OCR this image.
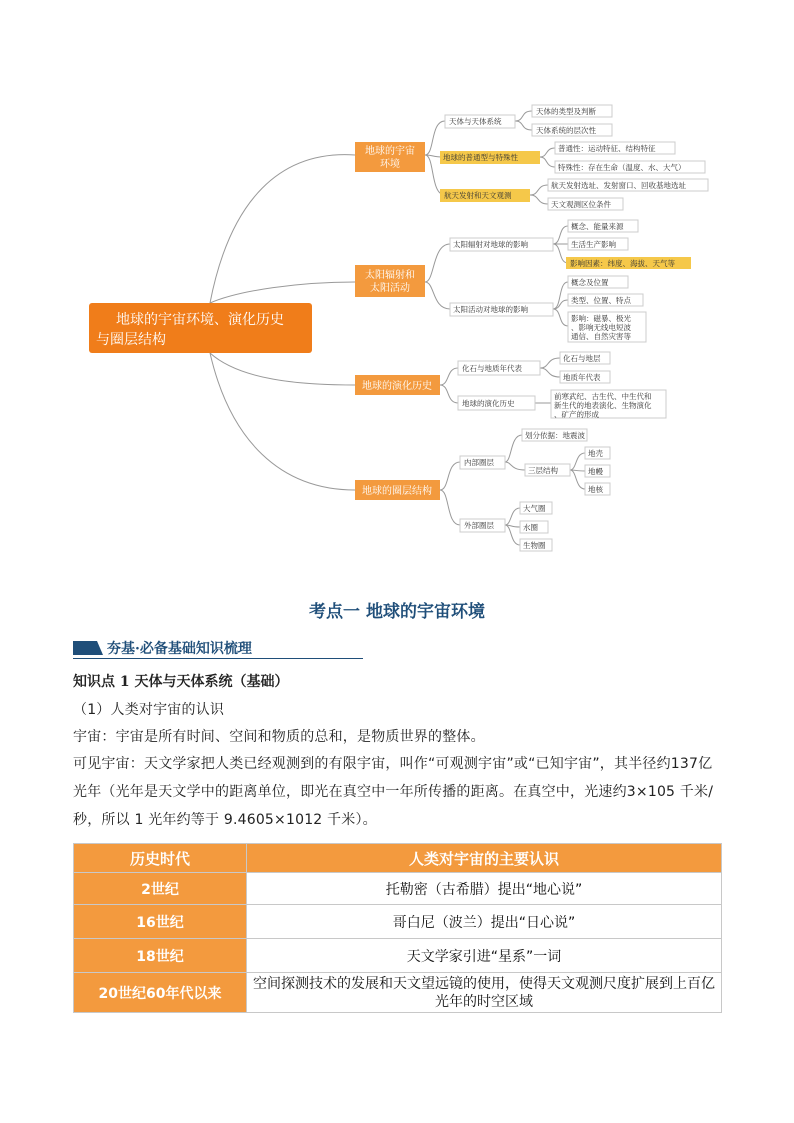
地球的宇宙环境、演化历史
与圈层结构
地球的宇宙
环境
太阳辐射和
太阳活动
地球的演化历史
地球的圈层结构
天体与天体系统
天体的类型及判断
天体系统的层次性
地球的普通型与特殊性
普通性：运动特征、结构特征
特殊性：存在生命（温度、水、大气）
航天发射和天文观测
航天发射选址、发射窗口、回收基地选址
天文观测区位条件
太阳辐射对地球的影响
概念、能量来源
生活生产影响
影响因素：纬度、海拔、天气等
太阳活动对地球的影响
概念及位置
类型、位置、特点
影响：磁暴、极光
、影响无线电短波
通信、自然灾害等
化石与地质年代表
化石与地层
地质年代表
地球的演化历史
前寒武纪、古生代、中生代和
新生代的地表演化、生物演化
、矿产的形成
内部圈层
划分依据：地震波
三层结构
地壳
地幔
地核
外部圈层
大气圈
水圈
生物圈
考点一 地球的宇宙环境
夯基·必备基础知识梳理
知识点 1 天体与天体系统（基础）
（1）人类对宇宙的认识
宇宙：宇宙是所有时间、空间和物质的总和，是物质世界的整体。
可见宇宙：天文学家把人类已经观测到的有限宇宙，叫作“可观测宇宙”或“已知宇宙”，其半径约137亿
光年（光年是天文学中的距离单位，即光在真空中一年所传播的距离。在真空中，光速约3×105 千米/
秒，所以 1 光年约等于 9.4605×1012 千米）。
历史时代	人类对宇宙的主要认识
2世纪	托勒密（古希腊）提出“地心说”
16世纪	哥白尼（波兰）提出“日心说”
18世纪	天文学家引进“星系”一词
20世纪60年代以来	空间探测技术的发展和天文望远镜的使用，使得天文观测尺度扩展到上百亿光年的时空区域
